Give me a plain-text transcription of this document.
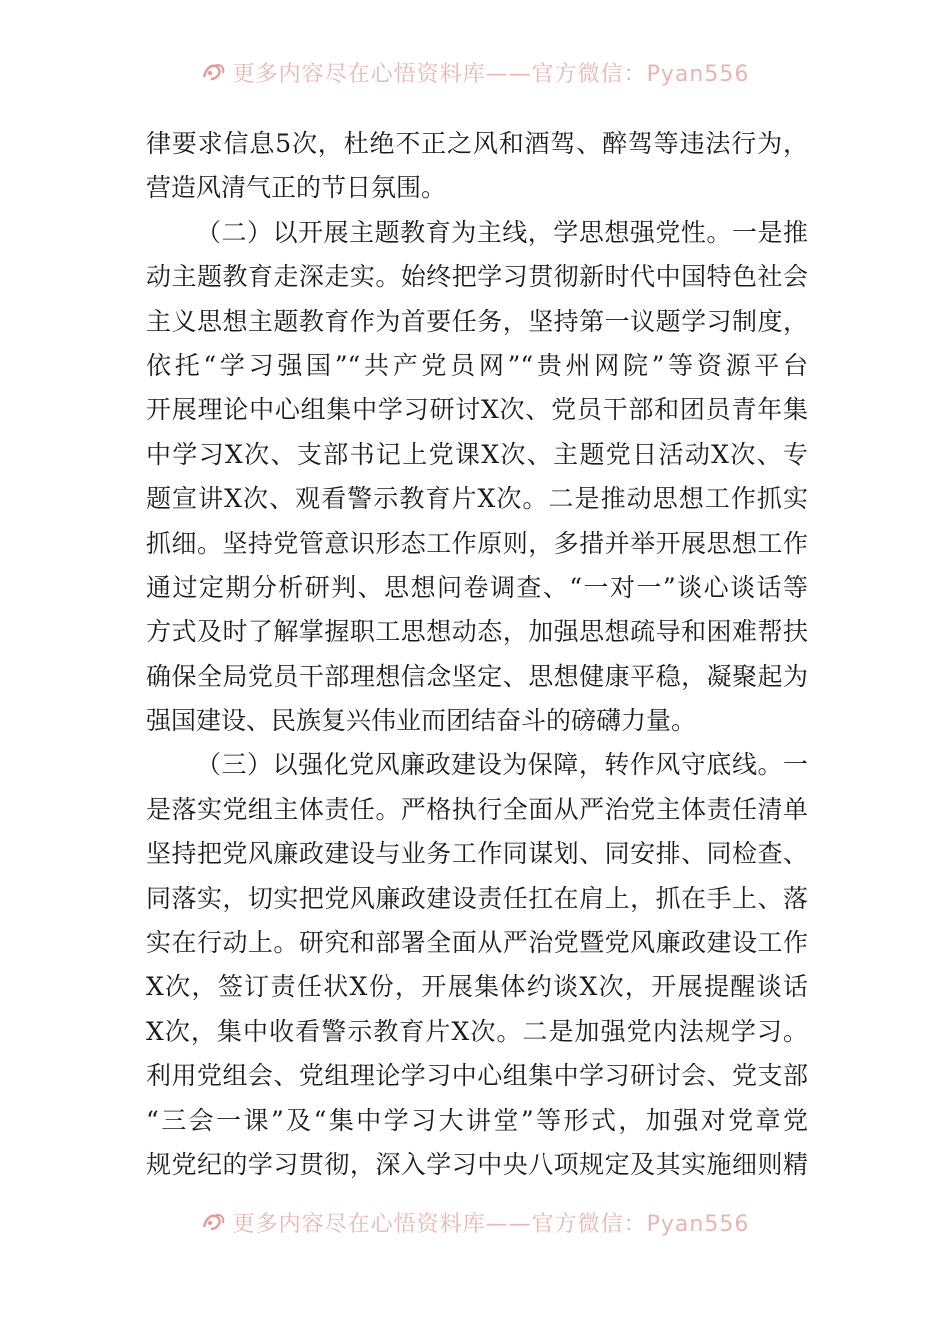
更多内容尽在心悟资料库——官方微信：Pyan556
律要求信息5次，杜绝不正之风和酒驾、醉驾等违法行为，
营造风清气正的节日氛围。
（二）以开展主题教育为主线，学思想强党性。一是推
动主题教育走深走实。始终把学习贯彻新时代中国特色社会
主义思想主题教育作为首要任务，坚持第一议题学习制度，
依托“学习强国”“共产党员网”“贵州网院”等资源平台
开展理论中心组集中学习研讨X次、党员干部和团员青年集
中学习X次、支部书记上党课X次、主题党日活动X次、专
题宣讲X次、观看警示教育片X次。二是推动思想工作抓实
抓细。坚持党管意识形态工作原则，多措并举开展思想工作
通过定期分析研判、思想问卷调查、“一对一”谈心谈话等
方式及时了解掌握职工思想动态，加强思想疏导和困难帮扶
确保全局党员干部理想信念坚定、思想健康平稳，凝聚起为
强国建设、民族复兴伟业而团结奋斗的磅礴力量。
（三）以强化党风廉政建设为保障，转作风守底线。一
是落实党组主体责任。严格执行全面从严治党主体责任清单
坚持把党风廉政建设与业务工作同谋划、同安排、同检查、
同落实，切实把党风廉政建设责任扛在肩上，抓在手上、落
实在行动上。研究和部署全面从严治党暨党风廉政建设工作
X次，签订责任状X份，开展集体约谈X次，开展提醒谈话
X次，集中收看警示教育片X次。二是加强党内法规学习。
利用党组会、党组理论学习中心组集中学习研讨会、党支部
“三会一课”及“集中学习大讲堂”等形式，加强对党章党
规党纪的学习贯彻，深入学习中央八项规定及其实施细则精
更多内容尽在心悟资料库——官方微信：Pyan556
